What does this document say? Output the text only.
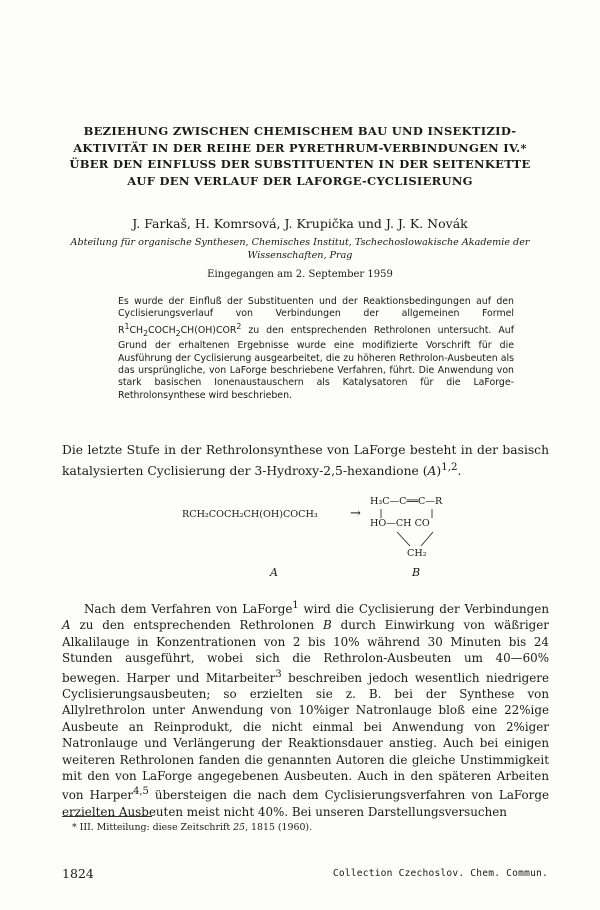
BEZIEHUNG ZWISCHEN CHEMISCHEM BAU UND INSEKTIZID-
AKTIVITÄT IN DER REIHE DER PYRETHRUM-VERBINDUNGEN IV.*
ÜBER DEN EINFLUSS DER SUBSTITUENTEN IN DER SEITENKETTE
AUF DEN VERLAUF DER LAFORGE-CYCLISIERUNG
J. Farkaš, H. Komrsová, J. Krupička und J. J. K. Novák
Abteilung für organische Synthesen, Chemisches Institut, Tschechoslowakische Akademie der Wissenschaften, Prag
Eingegangen am 2. September 1959
Es wurde der Einfluß der Substituenten und der Reaktionsbedingungen auf den Cyclisierungsverlauf von Verbindungen der allgemeinen Formel $R^1CH_2COCH_2CH(OH)COR^2$ zu den entsprechenden Rethrolonen untersucht. Auf Grund der erhaltenen Ergebnisse wurde eine modifizierte Vorschrift für die Ausführung der Cyclisierung ausgearbeitet, die zu höheren Rethrolon-Ausbeuten als das ursprüngliche, von LaForge beschriebene Verfahren, führt. Die Anwendung von stark basischen Ionenaustauschern als Katalysatoren für die LaForge-Rethrolonsynthese wird beschrieben.
Die letzte Stufe in der Rethrolonsynthese von LaForge besteht in der basisch katalysierten Cyclisierung der 3-Hydroxy-2,5-hexandione $(A)^{1,2}$.
RCH₂COCH₂CH(OH)COCH₃ →
H₃C—C══C—R
HO—CH CO
CH₂
A	B
Nach dem Verfahren von LaForge$^1$ wird die Cyclisierung der Verbindungen A zu den entsprechenden Rethrolonen B durch Einwirkung von wäßriger Alkalilauge in Konzentrationen von 2 bis 10% während 30 Minuten bis 24 Stunden ausgeführt, wobei sich die Rethrolon-Ausbeuten um 40—60% bewegen. Harper und Mitarbeiter$^3$ beschreiben jedoch wesentlich niedrigere Cyclisierungsausbeuten; so erzielten sie z. B. bei der Synthese von Allylrethrolon unter Anwendung von 10%iger Natronlauge bloß eine 22%ige Ausbeute an Reinprodukt, die nicht einmal bei Anwendung von 2%iger Natronlauge und Verlängerung der Reaktionsdauer anstieg. Auch bei einigen weiteren Rethrolonen fanden die genannten Autoren die gleiche Unstimmigkeit mit den von LaForge angegebenen Ausbeuten. Auch in den späteren Arbeiten von Harper$^{4,5}$ übersteigen die nach dem Cyclisierungsverfahren von LaForge erzielten Ausbeuten meist nicht 40%. Bei unseren Darstellungsversuchen
* III. Mitteilung: diese Zeitschrift 25, 1815 (1960).
1824	Collection Czechoslov. Chem. Commun.
